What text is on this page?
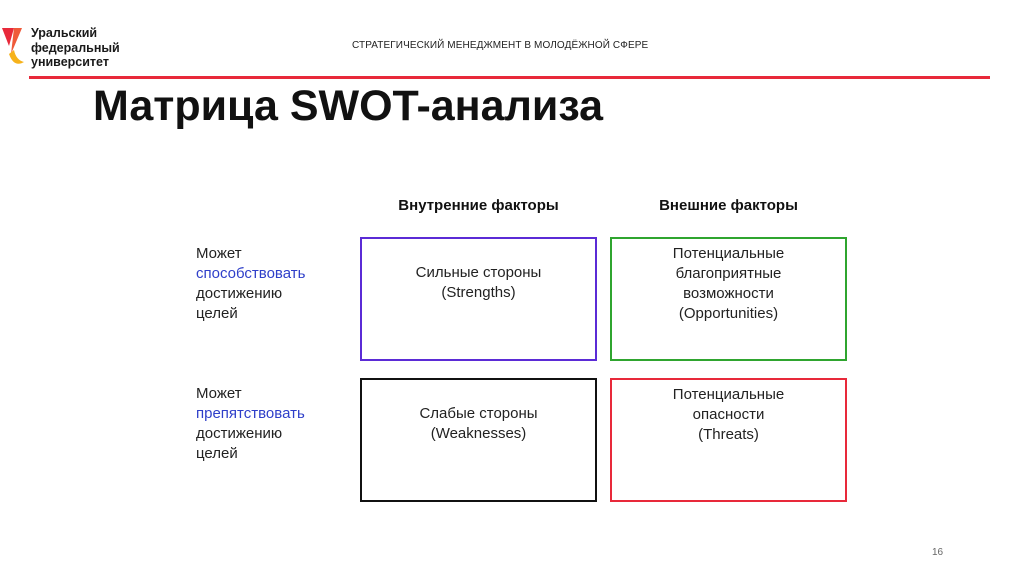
Уральский
федеральный
университет
СТРАТЕГИЧЕСКИЙ МЕНЕДЖМЕНТ В МОЛОДЁЖНОЙ СФЕРЕ
Матрица SWOT-анализа
Внутренние факторы	Внешние факторы
Может
способствовать
достижению
целей
Может
препятствовать
достижению
целей
Сильные стороны
(Strengths)
Потенциальные
благоприятные
возможности
(Opportunities)
Слабые стороны
(Weaknesses)
Потенциальные
опасности
(Threats)
16
